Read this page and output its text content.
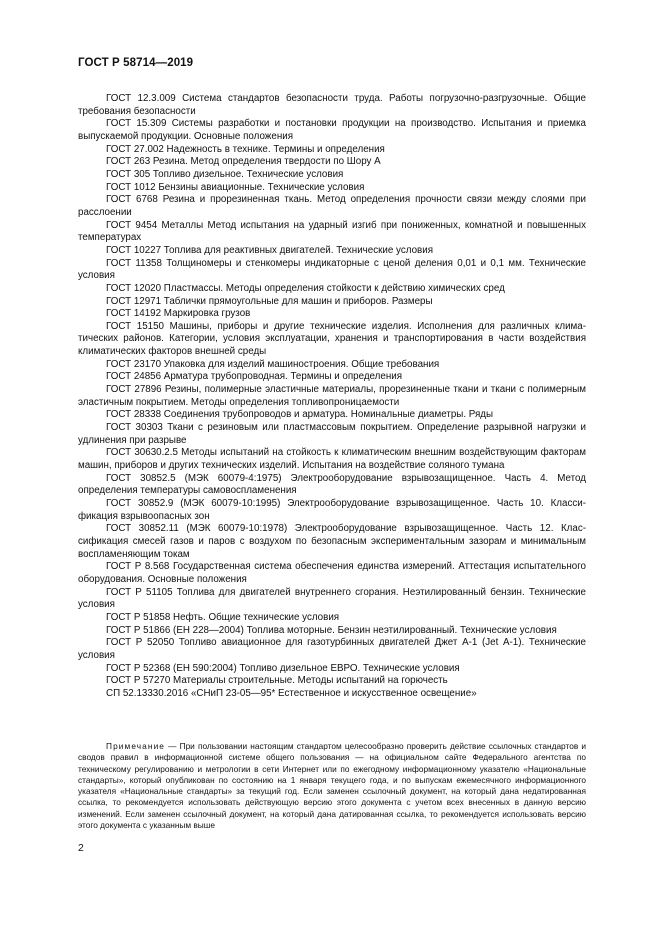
ГОСТ Р 58714—2019

ГОСТ 12.3.009 Система стандартов безопасности труда. Работы погрузочно-разгрузочные. Общие требования безопасности

ГОСТ 15.309 Системы разработки и постановки продукции на производство. Испытания и приемка выпускаемой продукции. Основные положения

ГОСТ 27.002 Надежность в технике. Термины и определения

ГОСТ 263 Резина. Метод определения твердости по Шору А

ГОСТ 305 Топливо дизельное. Технические условия

ГОСТ 1012 Бензины авиационные. Технические условия

ГОСТ 6768 Резина и прорезиненная ткань. Метод определения прочности связи между слоями при расслоении

ГОСТ 9454 Металлы Метод испытания на ударный изгиб при пониженных, комнатной и повышенных температурах

ГОСТ 10227 Топлива для реактивных двигателей. Технические условия

ГОСТ 11358 Толщиномеры и стенкомеры индикаторные с ценой деления 0,01 и 0,1 мм. Технические условия

ГОСТ 12020 Пластмассы. Методы определения стойкости к действию химических сред

ГОСТ 12971 Таблички прямоугольные для машин и приборов. Размеры

ГОСТ 14192 Маркировка грузов

ГОСТ 15150 Машины, приборы и другие технические изделия. Исполнения для различных климатических районов. Категории, условия эксплуатации, хранения и транспортирования в части воздействия климатических факторов внешней среды

ГОСТ 23170 Упаковка для изделий машиностроения. Общие требования

ГОСТ 24856 Арматура трубопроводная. Термины и определения

ГОСТ 27896 Резины, полимерные эластичные материалы, прорезиненные ткани и ткани с полимерным эластичным покрытием. Методы определения топливопроницаемости

ГОСТ 28338 Соединения трубопроводов и арматура. Номинальные диаметры. Ряды

ГОСТ 30303 Ткани с резиновым или пластмассовым покрытием. Определение разрывной нагрузки и удлинения при разрыве

ГОСТ 30630.2.5 Методы испытаний на стойкость к климатическим внешним воздействующим факторам машин, приборов и других технических изделий. Испытания на воздействие соляного тумана

ГОСТ 30852.5 (МЭК 60079-4:1975) Электрооборудование взрывозащищенное. Часть 4. Метод определения температуры самовоспламенения

ГОСТ 30852.9 (МЭК 60079-10:1995) Электрооборудование взрывозащищенное. Часть 10. Классификация взрывоопасных зон

ГОСТ 30852.11 (МЭК 60079-10:1978) Электрооборудование взрывозащищенное. Часть 12. Классификация смесей газов и паров с воздухом по безопасным экспериментальным зазорам и минимальным воспламеняющим токам

ГОСТ Р 8.568 Государственная система обеспечения единства измерений. Аттестация испытательного оборудования. Основные положения

ГОСТ Р 51105 Топлива для двигателей внутреннего сгорания. Неэтилированный бензин. Технические условия

ГОСТ Р 51858 Нефть. Общие технические условия

ГОСТ Р 51866 (ЕН 228—2004) Топлива моторные. Бензин неэтилированный. Технические условия

ГОСТ Р 52050 Топливо авиационное для газотурбинных двигателей Джет А-1 (Jet А-1). Технические условия

ГОСТ Р 52368 (ЕН 590:2004) Топливо дизельное ЕВРО. Технические условия

ГОСТ Р 57270 Материалы строительные. Методы испытаний на горючесть

СП 52.13330.2016 «СНиП 23-05—95* Естественное и искусственное освещение»

Примечание — При пользовании настоящим стандартом целесообразно проверить действие ссылочных стандартов и сводов правил в информационной системе общего пользования — на официальном сайте Федерального агентства по техническому регулированию и метрологии в сети Интернет или по ежегодному информационному указателю «Национальные стандарты», который опубликован по состоянию на 1 января текущего года, и по выпускам ежемесячного информационного указателя «Национальные стандарты» за текущий год. Если заменен ссылочный документ, на который дана недатированная ссылка, то рекомендуется использовать действующую версию этого документа с учетом всех внесенных в данную версию изменений. Если заменен ссылочный документ, на который дана датированная ссылка, то рекомендуется использовать версию этого документа с указанным выше
2
